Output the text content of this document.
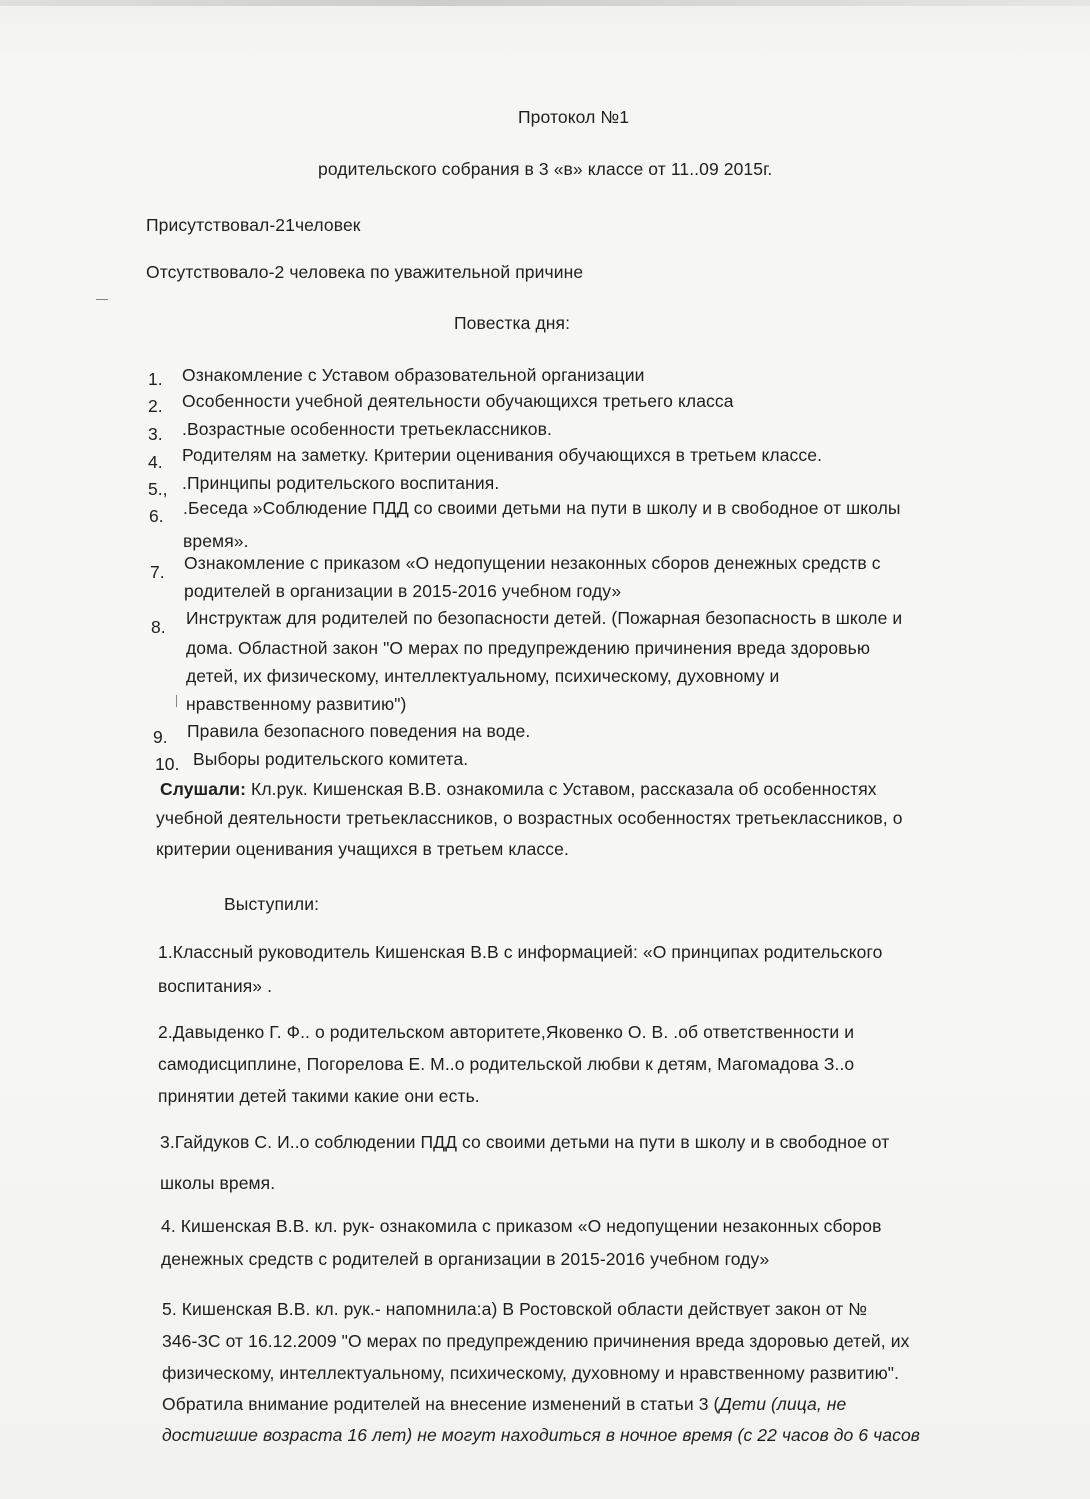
Протокол №1
родительского собрания в 3 «в» классе от 11..09 2015г.
Присутствовал-21человек
Отсутствовало-2 человека по уважительной причине
Повестка дня:
1. Ознакомление с Уставом образовательной организации
2. Особенности учебной деятельности обучающихся третьего класса
3. .Возрастные особенности третьеклассников.
4. Родителям на заметку. Критерии оценивания обучающихся в третьем классе.
5., .Принципы родительского воспитания.
6. .Беседа »Соблюдение ПДД со своими детьми на пути в школу и в свободное от школы
время».
7. Ознакомление с приказом «О недопущении незаконных сборов денежных средств с
родителей в организации в 2015-2016 учебном году»
8. Инструктаж для родителей по безопасности детей. (Пожарная безопасность в школе и
дома. Областной закон "О мерах по предупреждению причинения вреда здоровью
детей, их физическому, интеллектуальному, психическому, духовному и
нравственному развитию")
9. Правила безопасного поведения на воде.
10. Выборы родительского комитета.
Слушали: Кл.рук. Кишенская В.В. ознакомила с Уставом, рассказала об особенностях
учебной деятельности третьеклассников, о возрастных особенностях третьеклассников, о
критерии оценивания учащихся в третьем классе.
Выступили:
1.Классный руководитель Кишенская В.В с информацией: «О принципах родительского
воспитания» .
2.Давыденко Г. Ф.. о родительском авторитете,Яковенко О. В. .об ответственности и
самодисциплине, Погорелова Е. М..о родительской любви к детям, Магомадова З..о
принятии детей такими какие они есть.
3.Гайдуков С. И..о соблюдении ПДД со своими детьми на пути в школу и в свободное от
школы время.
4. Кишенская В.В. кл. рук- ознакомила с приказом «О недопущении незаконных сборов
денежных средств с родителей в организации в 2015-2016 учебном году»
5. Кишенская В.В. кл. рук.- напомнила:а) В Ростовской области действует закон от №
346-ЗС от 16.12.2009 "О мерах по предупреждению причинения вреда здоровью детей, их
физическому, интеллектуальному, психическому, духовному и нравственному развитию".
Обратила внимание родителей на внесение изменений в статьи 3 (Дети (лица, не
достигшие возраста 16 лет) не могут находиться в ночное время (с 22 часов до 6 часов
